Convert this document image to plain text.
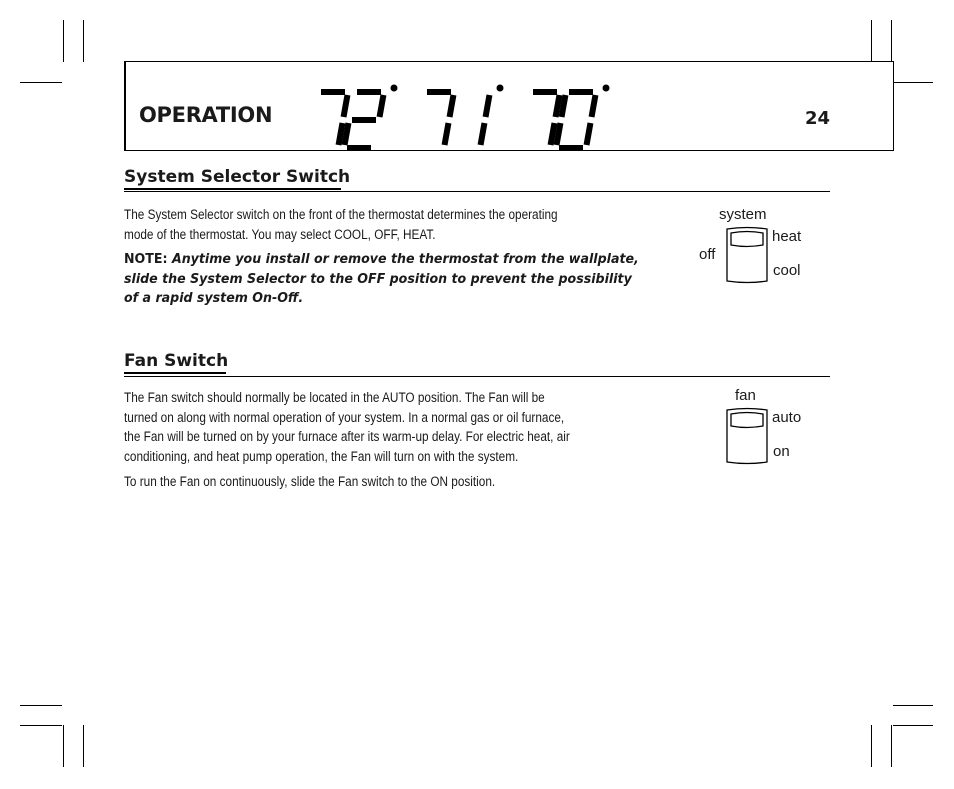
OPERATION	24
System Selector Switch
The System Selector switch on the front of the thermostat determines the operating
mode of the thermostat. You may select COOL, OFF, HEAT.
NOTE: Anytime you install or remove the thermostat from the wallplate,
slide the System Selector to the OFF position to prevent the possibility
of a rapid system On-Off.
system
off
heat
cool
Fan Switch
The Fan switch should normally be located in the AUTO position. The Fan will be
turned on along with normal operation of your system. In a normal gas or oil furnace,
the Fan will be turned on by your furnace after its warm-up delay. For electric heat, air
conditioning, and heat pump operation, the Fan will turn on with the system.
To run the Fan on continuously, slide the Fan switch to the ON position.
fan
auto
on
